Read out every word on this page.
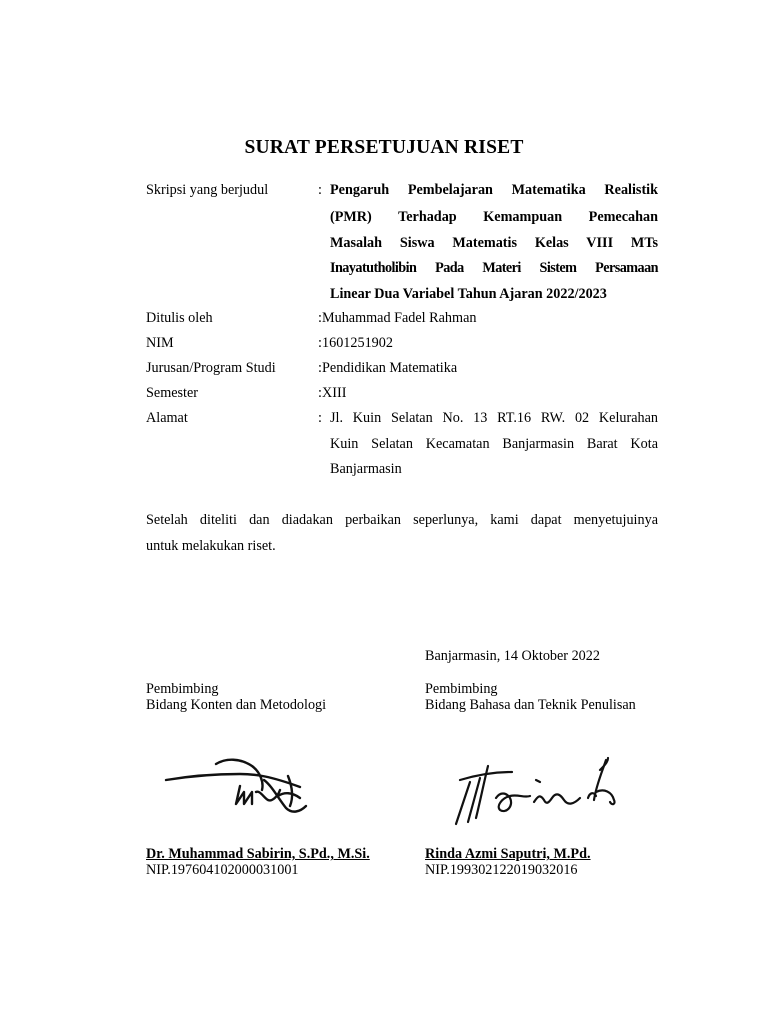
SURAT PERSETUJUAN RISET
Skripsi yang berjudul	: Pengaruh Pembelajaran Matematika Realistik
(PMR) Terhadap Kemampuan Pemecahan
Masalah Siswa Matematis Kelas VIII MTs
Inayatutholibin Pada Materi Sistem Persamaan
Linear Dua Variabel Tahun Ajaran 2022/2023
Ditulis oleh	: Muhammad Fadel Rahman
NIM	: 1601251902
Jurusan/Program Studi	: Pendidikan Matematika
Semester	: XIII
Alamat	: Jl. Kuin Selatan No. 13 RT.16 RW. 02 Kelurahan
Kuin Selatan Kecamatan Banjarmasin Barat Kota
Banjarmasin
Setelah diteliti dan diadakan perbaikan seperlunya, kami dapat menyetujuinya
untuk melakukan riset.
Banjarmasin, 14 Oktober 2022
Pembimbing
Bidang Konten dan Metodologi
Dr. Muhammad Sabirin, S.Pd., M.Si.
NIP.197604102000031001
Pembimbing
Bidang Bahasa dan Teknik Penulisan
Rinda Azmi Saputri, M.Pd.
NIP.199302122019032016
